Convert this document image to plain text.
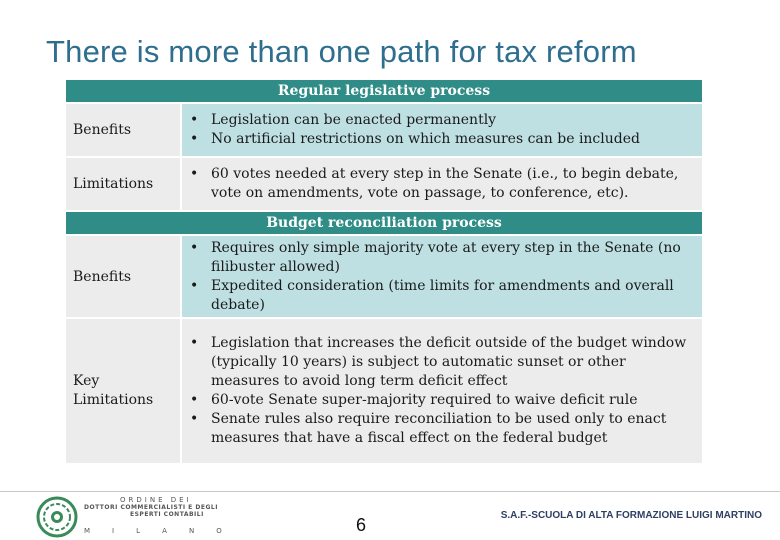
There is more than one path for tax reform
Regular legislative process
Benefits
• Legislation can be enacted permanently
• No artificial restrictions on which measures can be included
Limitations
• 60 votes needed at every step in the Senate (i.e., to begin debate, vote on amendments, vote on passage, to conference, etc).
Budget reconciliation process
Benefits
• Requires only simple majority vote at every step in the Senate (no filibuster allowed)
• Expedited consideration (time limits for amendments and overall debate)
Key Limitations
• Legislation that increases the deficit outside of the budget window (typically 10 years) is subject to automatic sunset or other measures to avoid long term deficit effect
• 60-vote Senate super-majority required to waive deficit rule
• Senate rules also require reconciliation to be used only to enact measures that have a fiscal effect on the federal budget
ORDINE DEI
DOTTORI COMMERCIALISTI E DEGLI
ESPERTI CONTABILI
MILANO	6	S.A.F.-SCUOLA DI ALTA FORMAZIONE LUIGI MARTINO
